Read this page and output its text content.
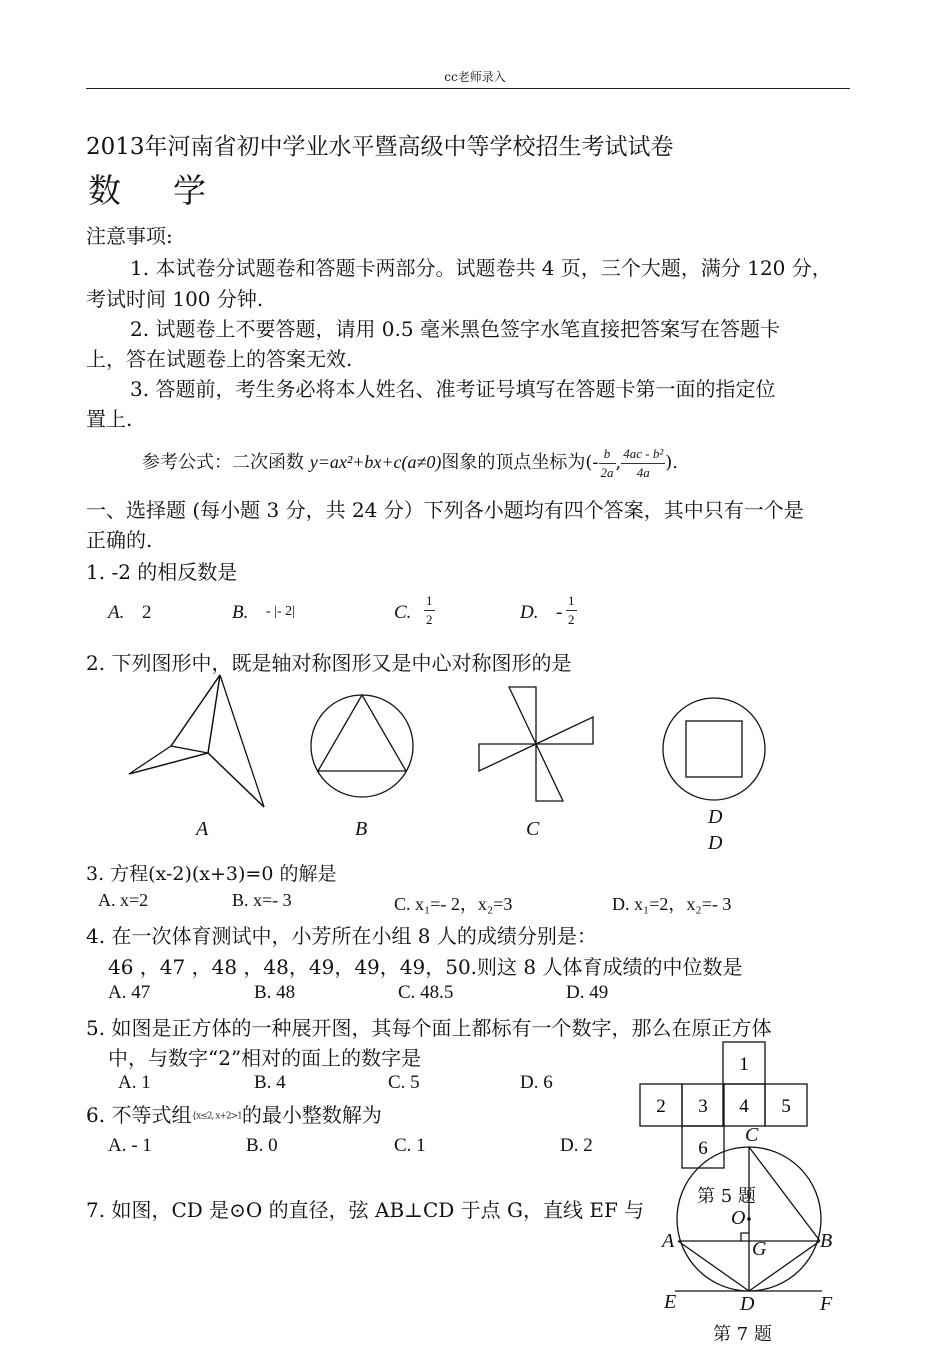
cc老师录入
2013年河南省初中学业水平暨高级中等学校招生考试试卷
数    学
注意事项:
1. 本试卷分试题卷和答题卡两部分。试题卷共 4 页，三个大题，满分 120 分，
考试时间 100 分钟.
2. 试题卷上不要答题，请用 0.5 毫米黑色签字水笔直接把答案写在答题卡
上，答在试题卷上的答案无效.
3. 答题前，考生务必将本人姓名、准考证号填写在答题卡第一面的指定位
置上.
参考公式：二次函数 y=ax²+bx+c(a≠0)图象的顶点坐标为(- $\frac{b}{2a}$ , $\frac{\text{4ac - b²}}{4a}$ ).
一、选择题 (每小题 3 分，共 24 分）下列各小题均有四个答案，其中只有一个是
正确的.
1. -2 的相反数是
A. 2	B. - |- 2|	C. $\frac{1}{2}$	D. - $\frac{1}{2}$
2. 下列图形中，既是轴对称图形又是中心对称图形的是
A	B	C
D
D
3. 方程(x-2)(x+3)=0 的解是
A. x=2	B. x=- 3	C. x₁=- 2，x₂=3	D. x₁=2，x₂=- 3
4. 在一次体育测试中，小芳所在小组 8 人的成绩分别是：
46 ，47 ，48 ，48，49，49，49，50.则这 8 人体育成绩的中位数是
A. 47	B. 48	C. 48.5	D. 49
5. 如图是正方体的一种展开图，其每个面上都标有一个数字，那么在原正方体
中，与数字“2”相对的面上的数字是
A. 1	B. 4	C. 5	D. 6
1
2 3 4 5
6
6. 不等式组{x≤2, x+2>1的最小整数解为
A. - 1	B. 0	C. 1	D. 2
7. 如图，CD 是⊙O 的直径，弦 AB⊥CD 于点 G，直线 EF 与
C
第 5 题
O
A	G	B
E	D	F
第 7 题
